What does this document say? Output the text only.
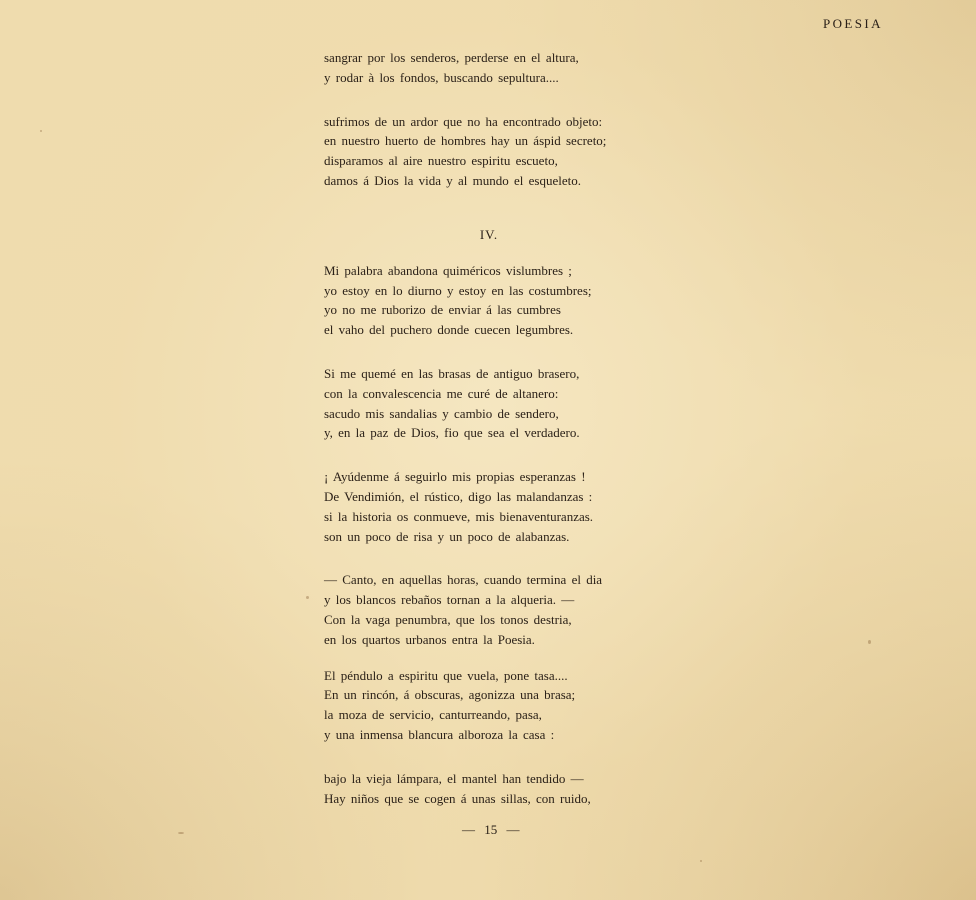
POESIA
sangrar por los senderos, perderse en el altura,
y rodar à los fondos, buscando sepultura....
sufrimos de un ardor que no ha encontrado objeto:
en nuestro huerto de hombres hay un áspid secreto;
disparamos al aire nuestro espiritu escueto,
damos á Dios la vida y al mundo el esqueleto.
IV.
Mi palabra abandona quiméricos vislumbres ;
yo estoy en lo diurno y estoy en las costumbres;
yo no me ruborizo de enviar á las cumbres
el vaho del puchero donde cuecen legumbres.
Si me quemé en las brasas de antiguo brasero,
con la convalescencia me curé de altanero:
sacudo mis sandalias y cambio de sendero,
y, en la paz de Dios, fio que sea el verdadero.
¡ Ayúdenme á seguirlo mis propias esperanzas !
De Vendimión, el rústico, digo las malandanzas :
si la historia os conmueve, mis bienaventuranzas.
son un poco de risa y un poco de alabanzas.
— Canto, en aquellas horas, cuando termina el dia
y los blancos rebaños tornan a la alqueria. —
Con la vaga penumbra, que los tonos destria,
en los quartos urbanos entra la Poesia.
El péndulo a espiritu que vuela, pone tasa....
En un rincón, á obscuras, agonizza una brasa;
la moza de servicio, canturreando, pasa,
y una inmensa blancura alboroza la casa :
bajo la vieja lámpara, el mantel han tendido —
Hay niños que se cogen á unas sillas, con ruido,
— 15 —
